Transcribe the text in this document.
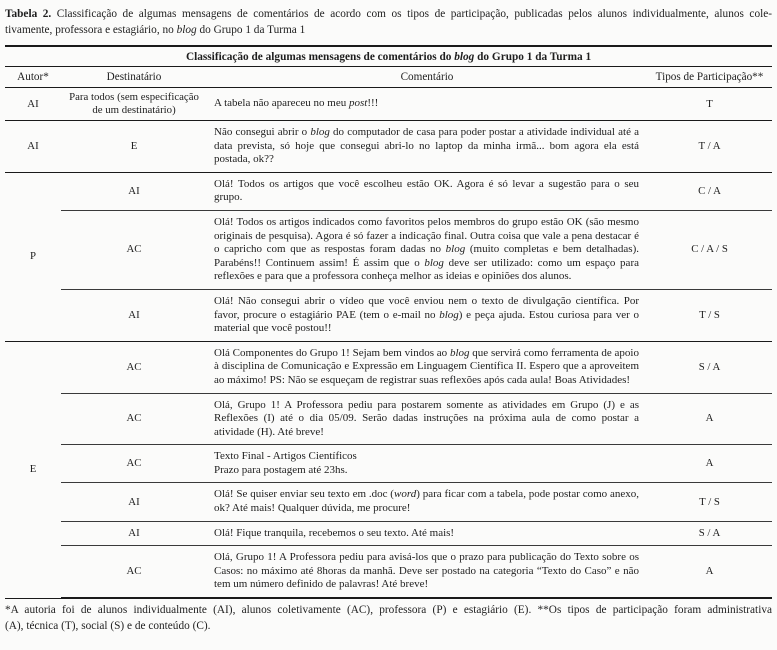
Tabela 2. Classificação de algumas mensagens de comentários de acordo com os tipos de participação, publicadas pelos alunos individualmente, alunos cole-
tivamente, professora e estagiário, no blog do Grupo 1 da Turma 1
Classificação de algumas mensagens de comentários do blog do Grupo 1 da Turma 1			
Autor*	Destinatário	Comentário	Tipos de Participação**
AI	Para todos (sem especificação de um destinatário)	A tabela não apareceu no meu post!!!	T
AI	E	Não consegui abrir o blog do computador de casa para poder postar a atividade individual até a data prevista, só hoje que consegui abri-lo no laptop da minha irmã... bom agora ela está postada, ok??	T / A
P	AI	Olá! Todos os artigos que você escolheu estão OK. Agora é só levar a sugestão para o seu grupo.	C / A
	AC	Olá! Todos os artigos indicados como favoritos pelos membros do grupo estão OK (são mesmo originais de pesquisa). Agora é só fazer a indicação final. Outra coisa que vale a pena destacar é o capricho com que as respostas foram dadas no blog (muito completas e bem detalhadas). Parabéns!! Continuem assim! É assim que o blog deve ser utilizado: como um espaço para reflexões e para que a professora conheça melhor as ideias e opiniões dos alunos.	C / A / S
	AI	Olá! Não consegui abrir o vídeo que você enviou nem o texto de divulgação científica. Por favor, procure o estagiário PAE (tem o e-mail no blog) e peça ajuda. Estou curiosa para ver o material que você postou!!	T / S
E	AC	Olá Componentes do Grupo 1! Sejam bem vindos ao blog que servirá como ferramenta de apoio à disciplina de Comunicação e Expressão em Linguagem Científica II. Espero que a aproveitem ao máximo! PS: Não se esqueçam de registrar suas reflexões após cada aula! Boas Atividades!	S / A
	AC	Olá, Grupo 1! A Professora pediu para postarem somente as atividades em Grupo (J) e as Reflexões (I) até o dia 05/09. Serão dadas instruções na próxima aula de como postar a atividade (H). Até breve!	A
	AC	Texto Final - Artigos Científicos
Prazo para postagem até 23hs.	A
	AI	Olá! Se quiser enviar seu texto em .doc (word) para ficar com a tabela, pode postar como anexo, ok? Até mais! Qualquer dúvida, me procure!	T / S
	AI	Olá! Fique tranquila, recebemos o seu texto. Até mais!	S / A
	AC	Olá, Grupo 1! A Professora pediu para avisá-los que o prazo para publicação do Texto sobre os Casos: no máximo até 8horas da manhã. Deve ser postado na categoria “Texto do Caso” e não tem um número definido de palavras! Até breve!	A
*A autoria foi de alunos individualmente (AI), alunos coletivamente (AC), professora (P) e estagiário (E). **Os tipos de participação foram administrativa
(A), técnica (T), social (S) e de conteúdo (C).
